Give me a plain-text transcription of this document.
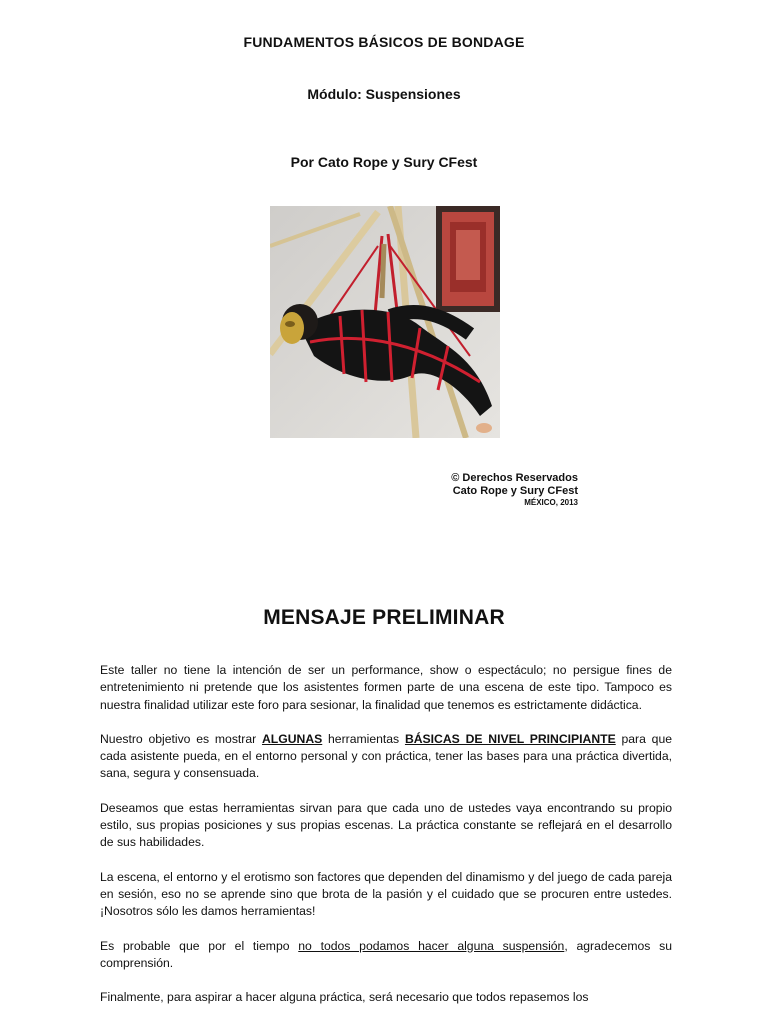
FUNDAMENTOS BÁSICOS DE BONDAGE
Módulo: Suspensiones
Por Cato Rope y Sury CFest
© Derechos Reservados
Cato Rope y Sury CFest
MÉXICO, 2013
MENSAJE PRELIMINAR

Este taller no tiene la intención de ser un performance, show o espectáculo; no persigue fines de entretenimiento ni pretende que los asistentes formen parte de una escena de este tipo. Tampoco es nuestra finalidad utilizar este foro para sesionar, la finalidad que tenemos es estrictamente didáctica.

Nuestro objetivo es mostrar ALGUNAS herramientas BÁSICAS DE NIVEL PRINCIPIANTE para que cada asistente pueda, en el entorno personal y con práctica, tener las bases para una práctica divertida, sana, segura y consensuada.

Deseamos que estas herramientas sirvan para que cada uno de ustedes vaya encontrando su propio estilo, sus propias posiciones y sus propias escenas. La práctica constante se reflejará en el desarrollo de sus habilidades.

La escena, el entorno y el erotismo son factores que dependen del dinamismo y del juego de cada pareja en sesión, eso no se aprende sino que brota de la pasión y el cuidado que se procuren entre ustedes. ¡Nosotros sólo les damos herramientas!

Es probable que por el tiempo no todos podamos hacer alguna suspensión, agradecemos su comprensión.

Finalmente, para aspirar a hacer alguna práctica, será necesario que todos repasemos los
